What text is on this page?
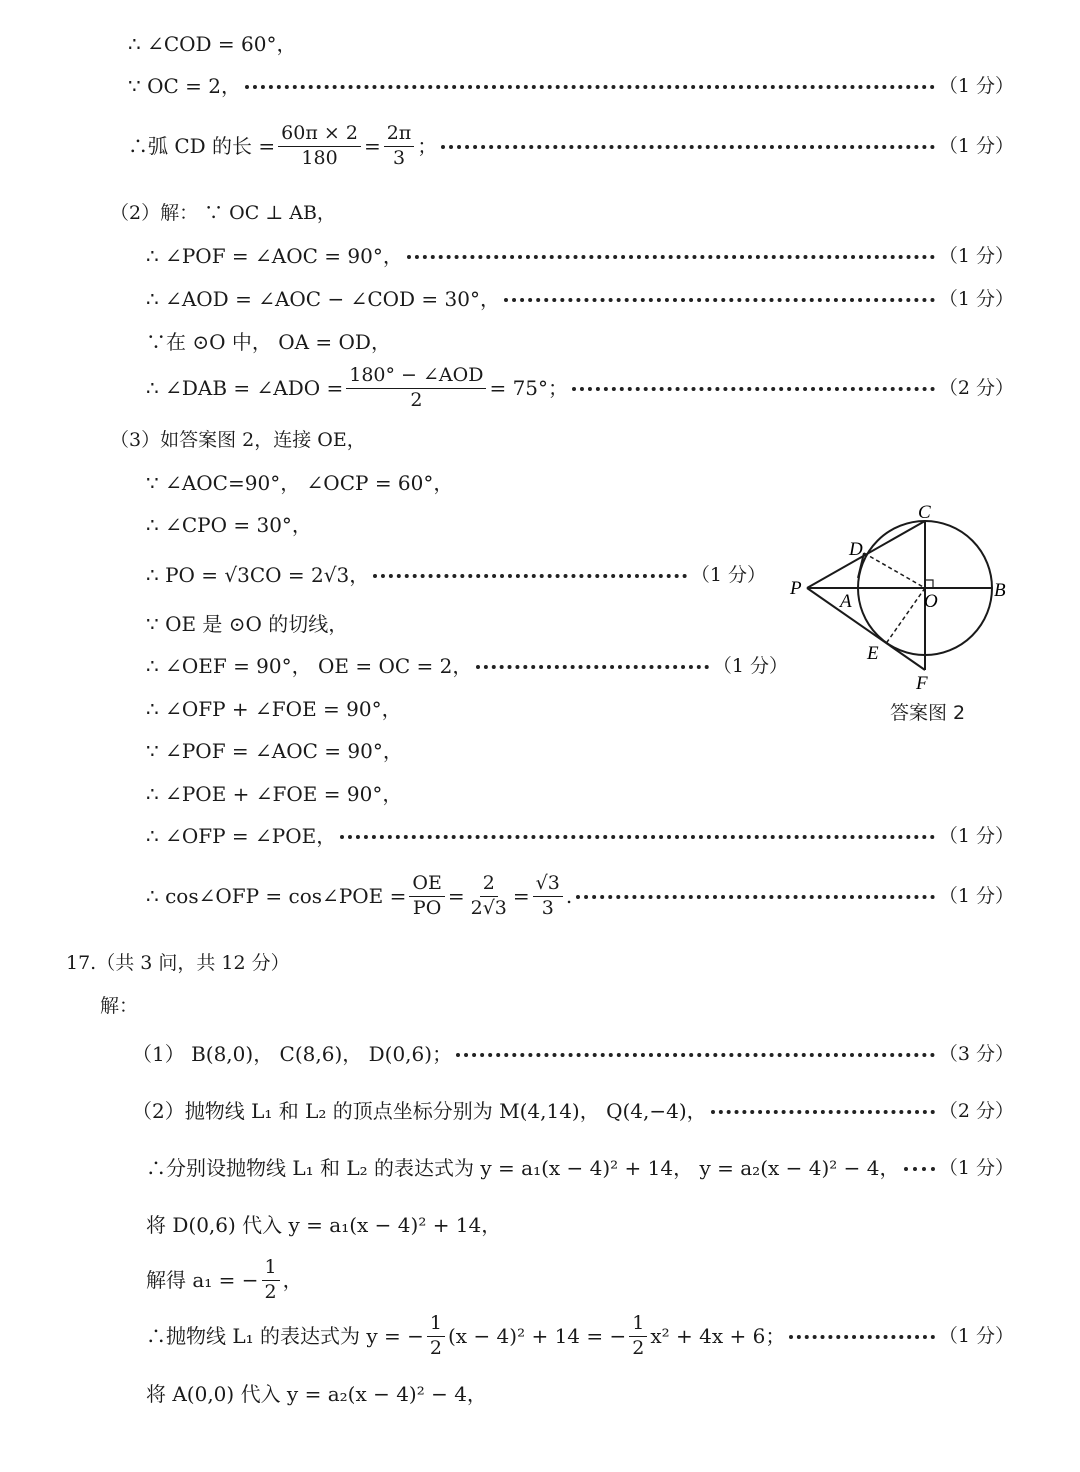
∴ ∠COD = 60°，
∵ OC = 2，	（1 分）
∴弧 CD 的长 = $\frac{60\pi \times 2}{180} = \frac{2\pi}{3}$ ；	（1 分）
（2）解： ∵ OC ⊥ AB，
∴ ∠POF = ∠AOC = 90°，	（1 分）
∴ ∠AOD = ∠AOC − ∠COD = 30°，	（1 分）
∵在 ⊙O 中， OA = OD，
∴ ∠DAB = ∠ADO = $\frac{\text{180° − ∠AOD}}{2} = 75^\circ$；	（2 分）
（3）如答案图 2，连接 OE，
∵ ∠AOC=90°， ∠OCP = 60°，
∴ ∠CPO = 30°，
∴ PO = √3CO = 2√3，	（1 分）
∵ OE 是 ⊙O 的切线，
∴ ∠OEF = 90°， OE = OC = 2，	（1 分）
∴ ∠OFP + ∠FOE = 90°，
∵ ∠POF = ∠AOC = 90°，
∴ ∠POE + ∠FOE = 90°，
∴ ∠OFP = ∠POE，	（1 分）
∴ cos∠OFP = cos∠POE = $\frac{OE}{PO} = \frac{2}{2√3} = \frac{√3}{3}$ .	（1 分）
17.（共 3 问，共 12 分）
解：
（1） B(8,0)， C(8,6)， D(0,6)；	（3 分）
（2）抛物线 L₁ 和 L₂ 的顶点坐标分别为 M(4,14)， Q(4,−4)，	（2 分）
∴分别设抛物线 L₁ 和 L₂ 的表达式为 y = a₁(x − 4)² + 14， y = a₂(x − 4)² − 4， （1 分）
将 D(0,6) 代入 y = a₁(x − 4)² + 14，
解得 a₁ = − $\frac{1}{2}$ ，
∴抛物线 L₁ 的表达式为 y = − $\frac{1}{2} (x - 4)^2 + 14$ = − $\frac{1}{2} x^2 + 4x + 6$；	（1 分）
将 A(0,0) 代入 y = a₂(x − 4)² − 4，
C
D
P
A	O
B
E
F
答案图 2
